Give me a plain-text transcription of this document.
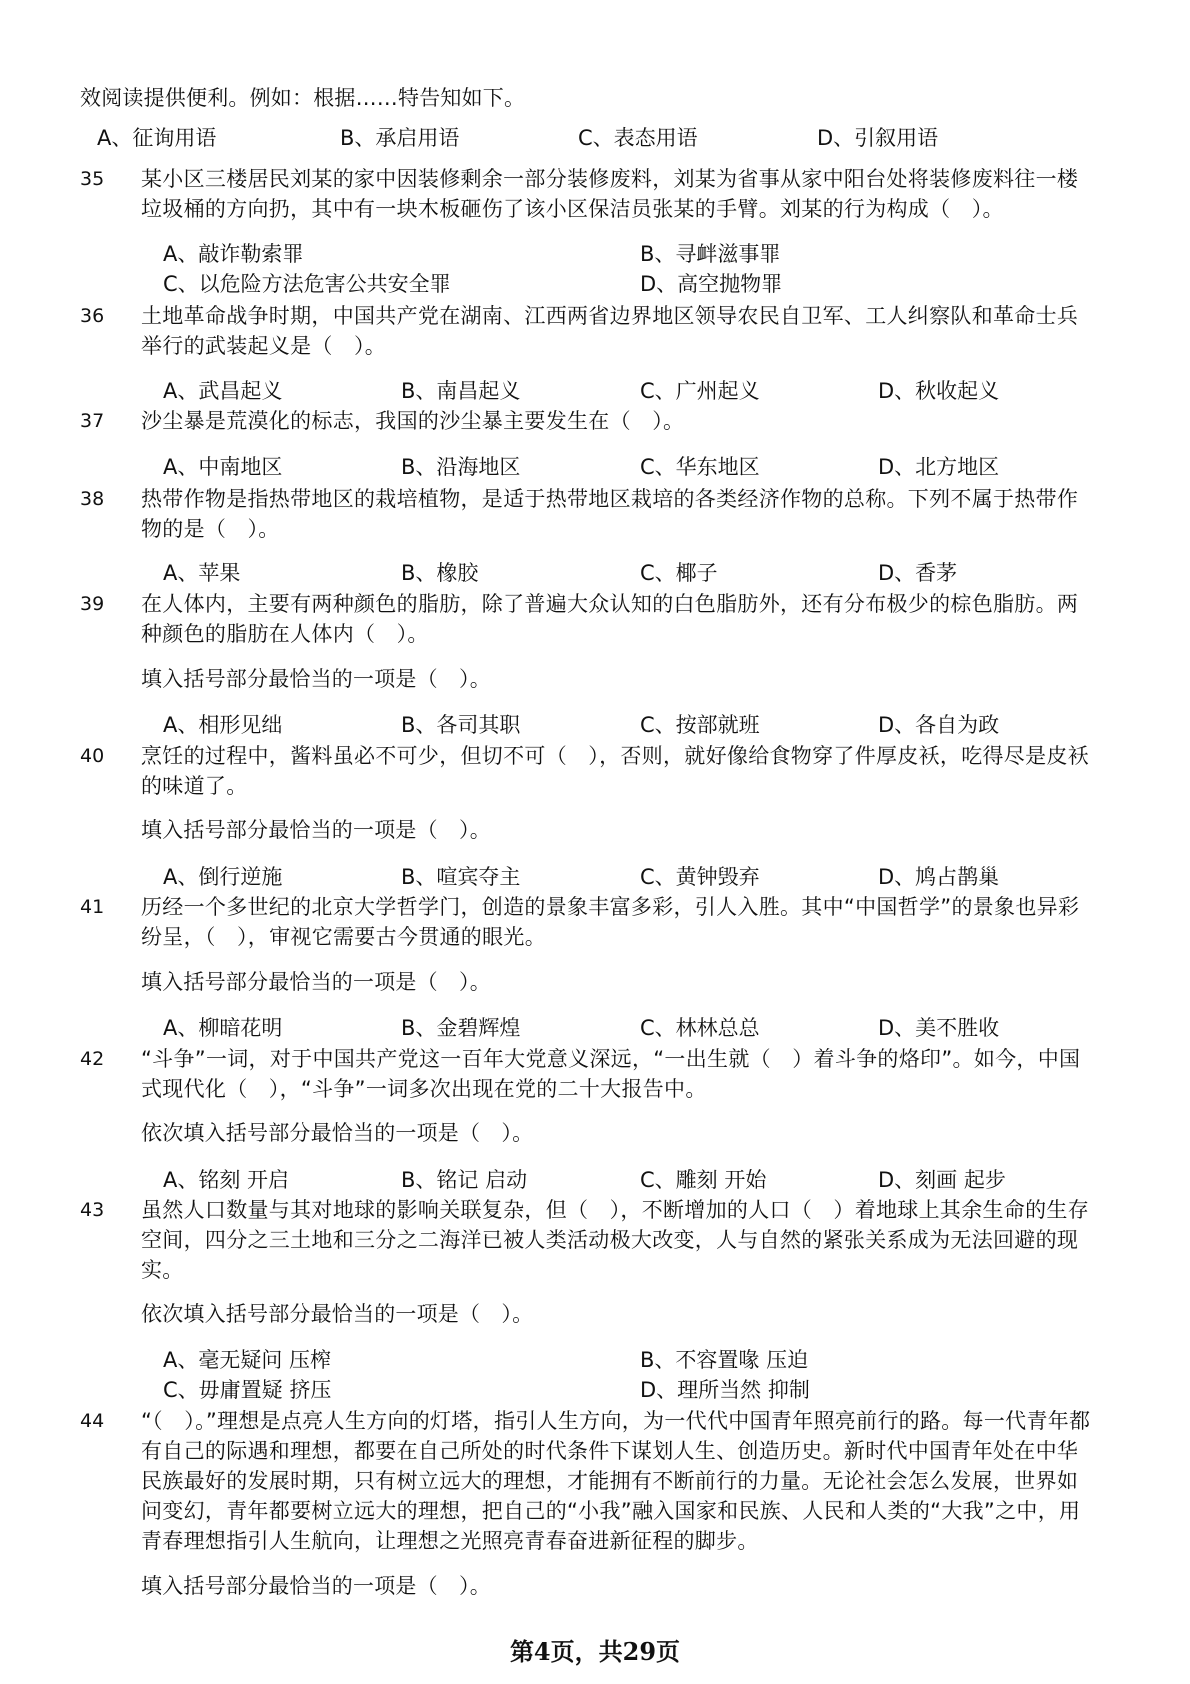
效阅读提供便利。例如：根据……特告知如下。
A、征询用语	B、承启用语	C、表态用语	D、引叙用语
35 某小区三楼居民刘某的家中因装修剩余一部分装修废料，刘某为省事从家中阳台处将装修废料往一楼垃圾桶的方向扔，其中有一块木板砸伤了该小区保洁员张某的手臂。刘某的行为构成（　）。
A、敲诈勒索罪	B、寻衅滋事罪
C、以危险方法危害公共安全罪	D、高空抛物罪
36 土地革命战争时期，中国共产党在湖南、江西两省边界地区领导农民自卫军、工人纠察队和革命士兵举行的武装起义是（　）。
A、武昌起义	B、南昌起义	C、广州起义	D、秋收起义
37 沙尘暴是荒漠化的标志，我国的沙尘暴主要发生在（　）。
A、中南地区	B、沿海地区	C、华东地区	D、北方地区
38 热带作物是指热带地区的栽培植物，是适于热带地区栽培的各类经济作物的总称。下列不属于热带作物的是（　）。
A、苹果	B、橡胶	C、椰子	D、香茅
39 在人体内，主要有两种颜色的脂肪，除了普遍大众认知的白色脂肪外，还有分布极少的棕色脂肪。两种颜色的脂肪在人体内（　）。
填入括号部分最恰当的一项是（　）。
A、相形见绌	B、各司其职	C、按部就班	D、各自为政
40 烹饪的过程中，酱料虽必不可少，但切不可（　），否则，就好像给食物穿了件厚皮袄，吃得尽是皮袄的味道了。
填入括号部分最恰当的一项是（　）。
A、倒行逆施	B、喧宾夺主	C、黄钟毁弃	D、鸠占鹊巢
41 历经一个多世纪的北京大学哲学门，创造的景象丰富多彩，引人入胜。其中“中国哲学”的景象也异彩纷呈，（　），审视它需要古今贯通的眼光。
填入括号部分最恰当的一项是（　）。
A、柳暗花明	B、金碧辉煌	C、林林总总	D、美不胜收
42 “斗争”一词，对于中国共产党这一百年大党意义深远，“一出生就（　）着斗争的烙印”。如今，中国式现代化（　），“斗争”一词多次出现在党的二十大报告中。
依次填入括号部分最恰当的一项是（　）。
A、铭刻 开启	B、铭记 启动	C、雕刻 开始	D、刻画 起步
43 虽然人口数量与其对地球的影响关联复杂，但（　），不断增加的人口（　）着地球上其余生命的生存空间，四分之三土地和三分之二海洋已被人类活动极大改变，人与自然的紧张关系成为无法回避的现实。
依次填入括号部分最恰当的一项是（　）。
A、毫无疑问 压榨	B、不容置喙 压迫
C、毋庸置疑 挤压	D、理所当然 抑制
44 “（　）。”理想是点亮人生方向的灯塔，指引人生方向，为一代代中国青年照亮前行的路。每一代青年都有自己的际遇和理想，都要在自己所处的时代条件下谋划人生、创造历史。新时代中国青年处在中华民族最好的发展时期，只有树立远大的理想，才能拥有不断前行的力量。无论社会怎么发展，世界如问变幻，青年都要树立远大的理想，把自己的“小我”融入国家和民族、人民和人类的“大我”之中，用青春理想指引人生航向，让理想之光照亮青春奋进新征程的脚步。
填入括号部分最恰当的一项是（　）。
第4页，共29页
